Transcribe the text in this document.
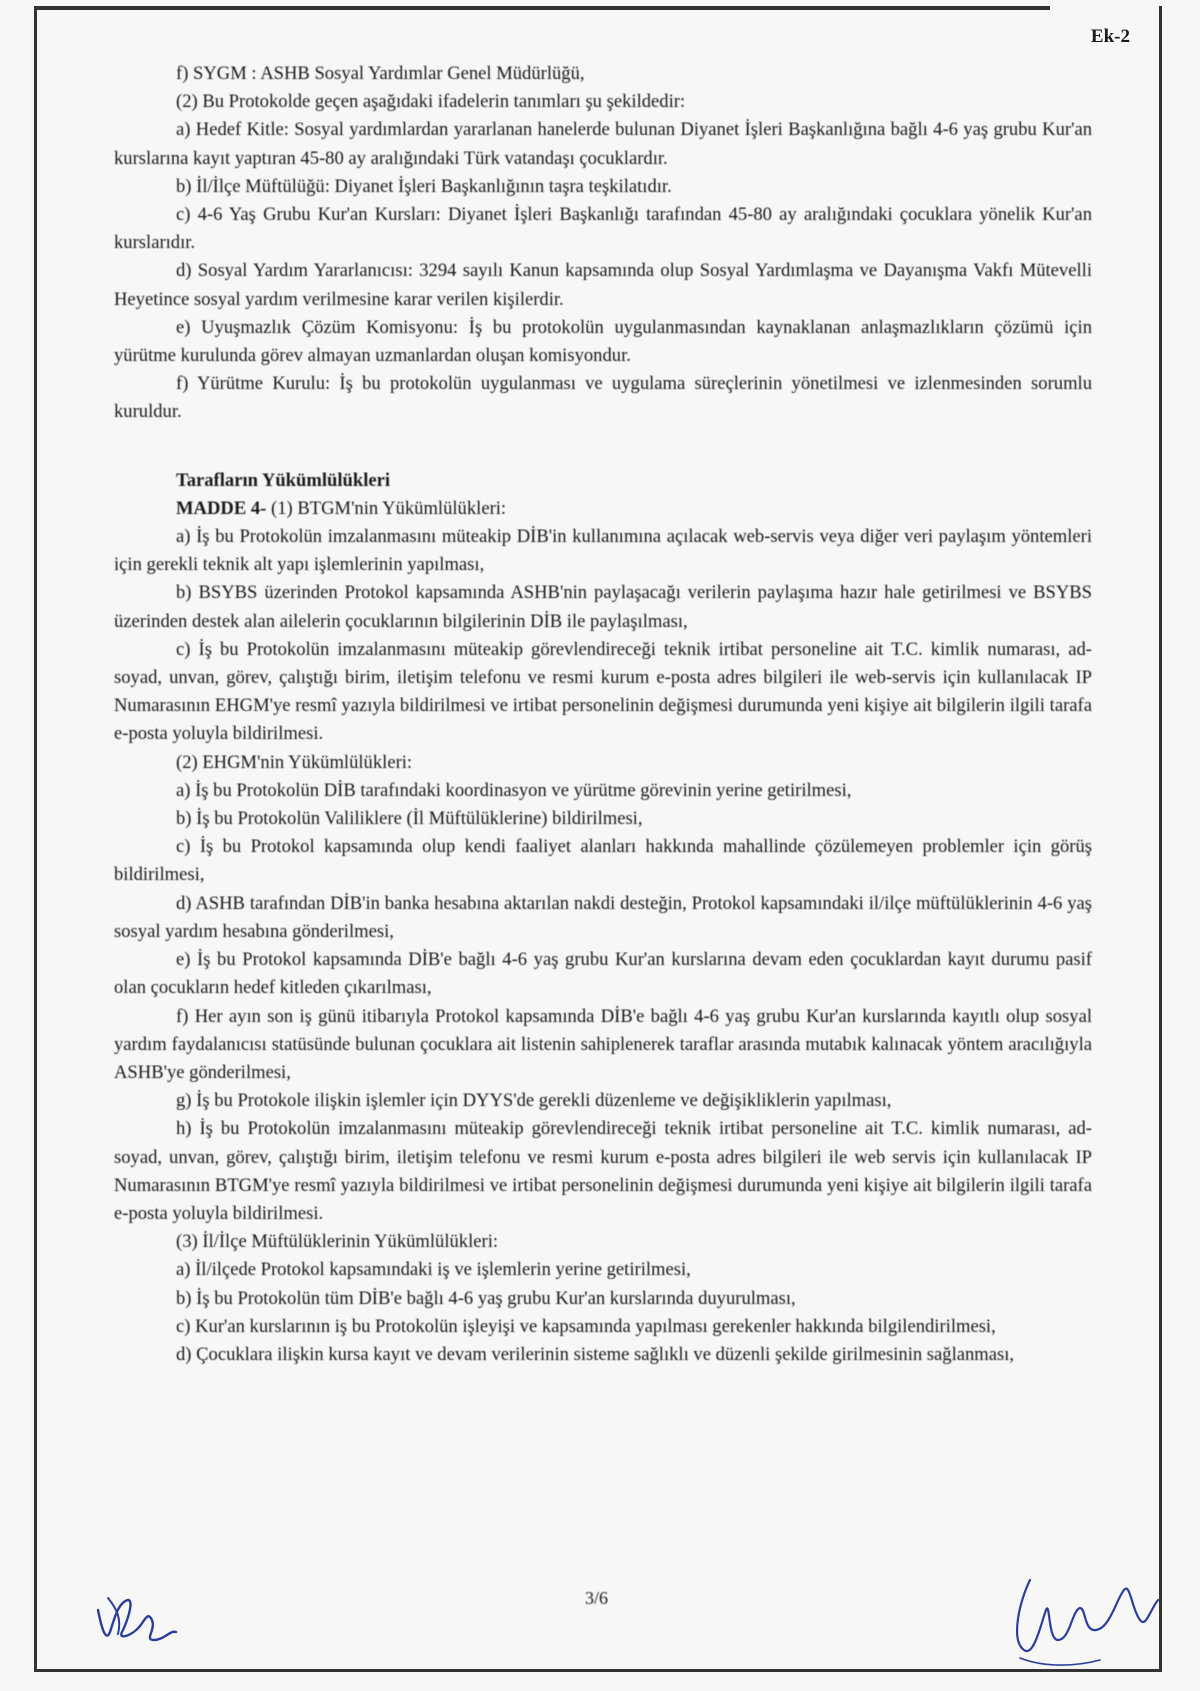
Ek-2

f) SYGM : ASHB Sosyal Yardımlar Genel Müdürlüğü,

(2) Bu Protokolde geçen aşağıdaki ifadelerin tanımları şu şekildedir:

a) Hedef Kitle: Sosyal yardımlardan yararlanan hanelerde bulunan Diyanet İşleri Başkanlığına bağlı 4-6 yaş grubu Kur'an kurslarına kayıt yaptıran 45-80 ay aralığındaki Türk vatandaşı çocuklardır.

b) İl/İlçe Müftülüğü: Diyanet İşleri Başkanlığının taşra teşkilatıdır.

c) 4-6 Yaş Grubu Kur'an Kursları: Diyanet İşleri Başkanlığı tarafından 45-80 ay aralığındaki çocuklara yönelik Kur'an kurslarıdır.

d) Sosyal Yardım Yararlanıcısı: 3294 sayılı Kanun kapsamında olup Sosyal Yardımlaşma ve Dayanışma Vakfı Mütevelli Heyetince sosyal yardım verilmesine karar verilen kişilerdir.

e) Uyuşmazlık Çözüm Komisyonu: İş bu protokolün uygulanmasından kaynaklanan anlaşmazlıkların çözümü için yürütme kurulunda görev almayan uzmanlardan oluşan komisyondur.

f) Yürütme Kurulu: İş bu protokolün uygulanması ve uygulama süreçlerinin yönetilmesi ve izlenmesinden sorumlu kuruldur.

Tarafların Yükümlülükleri

MADDE 4- (1) BTGM'nin Yükümlülükleri:

a) İş bu Protokolün imzalanmasını müteakip DİB'in kullanımına açılacak web-servis veya diğer veri paylaşım yöntemleri için gerekli teknik alt yapı işlemlerinin yapılması,

b) BSYBS üzerinden Protokol kapsamında ASHB'nin paylaşacağı verilerin paylaşıma hazır hale getirilmesi ve BSYBS üzerinden destek alan ailelerin çocuklarının bilgilerinin DİB ile paylaşılması,

c) İş bu Protokolün imzalanmasını müteakip görevlendireceği teknik irtibat personeline ait T.C. kimlik numarası, ad-soyad, unvan, görev, çalıştığı birim, iletişim telefonu ve resmi kurum e-posta adres bilgileri ile web-servis için kullanılacak IP Numarasının EHGM'ye resmî yazıyla bildirilmesi ve irtibat personelinin değişmesi durumunda yeni kişiye ait bilgilerin ilgili tarafa e-posta yoluyla bildirilmesi.

(2) EHGM'nin Yükümlülükleri:

a) İş bu Protokolün DİB tarafındaki koordinasyon ve yürütme görevinin yerine getirilmesi,

b) İş bu Protokolün Valiliklere (İl Müftülüklerine) bildirilmesi,

c) İş bu Protokol kapsamında olup kendi faaliyet alanları hakkında mahallinde çözülemeyen problemler için görüş bildirilmesi,

d) ASHB tarafından DİB'in banka hesabına aktarılan nakdi desteğin, Protokol kapsamındaki il/ilçe müftülüklerinin 4-6 yaş sosyal yardım hesabına gönderilmesi,

e) İş bu Protokol kapsamında DİB'e bağlı 4-6 yaş grubu Kur'an kurslarına devam eden çocuklardan kayıt durumu pasif olan çocukların hedef kitleden çıkarılması,

f) Her ayın son iş günü itibarıyla Protokol kapsamında DİB'e bağlı 4-6 yaş grubu Kur'an kurslarında kayıtlı olup sosyal yardım faydalanıcısı statüsünde bulunan çocuklara ait listenin sahiplenerek taraflar arasında mutabık kalınacak yöntem aracılığıyla ASHB'ye gönderilmesi,

g) İş bu Protokole ilişkin işlemler için DYYS'de gerekli düzenleme ve değişikliklerin yapılması,

h) İş bu Protokolün imzalanmasını müteakip görevlendireceği teknik irtibat personeline ait T.C. kimlik numarası, ad-soyad, unvan, görev, çalıştığı birim, iletişim telefonu ve resmi kurum e-posta adres bilgileri ile web servis için kullanılacak IP Numarasının BTGM'ye resmî yazıyla bildirilmesi ve irtibat personelinin değişmesi durumunda yeni kişiye ait bilgilerin ilgili tarafa e-posta yoluyla bildirilmesi.

(3) İl/İlçe Müftülüklerinin Yükümlülükleri:

a) İl/ilçede Protokol kapsamındaki iş ve işlemlerin yerine getirilmesi,

b) İş bu Protokolün tüm DİB'e bağlı 4-6 yaş grubu Kur'an kurslarında duyurulması,

c) Kur'an kurslarının iş bu Protokolün işleyişi ve kapsamında yapılması gerekenler hakkında bilgilendirilmesi,

d) Çocuklara ilişkin kursa kayıt ve devam verilerinin sisteme sağlıklı ve düzenli şekilde girilmesinin sağlanması,

3/6
